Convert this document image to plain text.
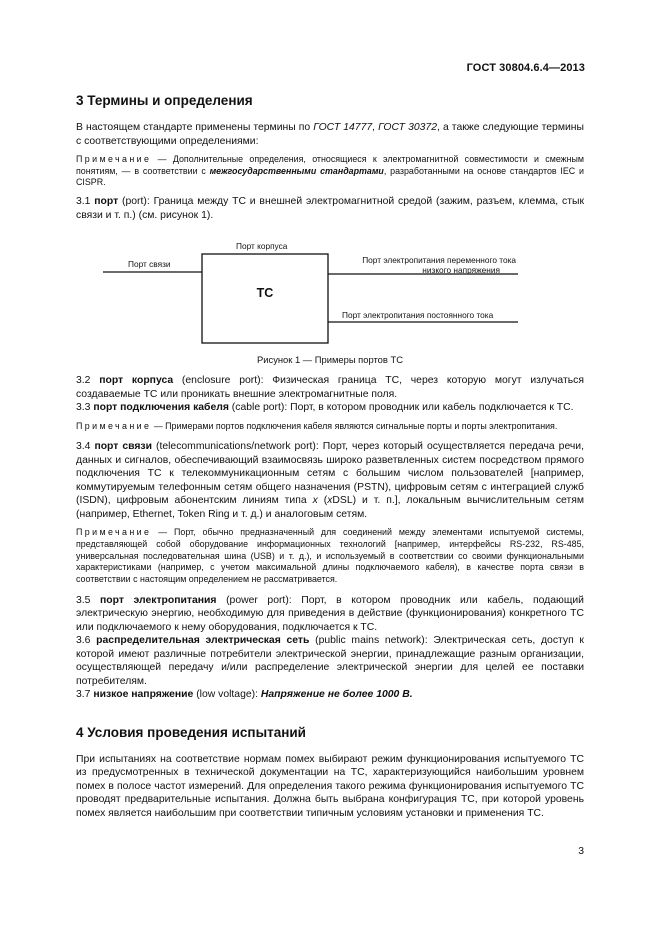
ГОСТ 30804.6.4—2013
3 Термины и определения

В настоящем стандарте применены термины по ГОСТ 14777, ГОСТ 30372, а также следующие термины с соответствующими определениями:

Примечание — Дополнительные определения, относящиеся к электромагнитной совместимости и смежным понятиям, — в соответствии с межгосударственными стандартами, разработанными на основе стандартов IEC и CISPR.

3.1 порт (port): Граница между ТС и внешней электромагнитной средой (зажим, разъем, клемма, стык связи и т. п.) (см. рисунок 1).

Порт корпуса
Порт связи	Порт электропитания переменного тока
низкого напряжения
Порт электропитания постоянного тока
ТС
Рисунок 1 — Примеры портов ТС

3.2 порт корпуса (enclosure port): Физическая граница ТС, через которую могут излучаться создаваемые ТС или проникать внешние электромагнитные поля.

3.3 порт подключения кабеля (cable port): Порт, в котором проводник или кабель подключается к ТС.

Примечание — Примерами портов подключения кабеля являются сигнальные порты и порты электропитания.

3.4 порт связи (telecommunications/network port): Порт, через который осуществляется передача речи, данных и сигналов, обеспечивающий взаимосвязь широко разветвленных систем посредством прямого подключения ТС к телекоммуникационным сетям с большим числом пользователей [например, коммутируемым телефонным сетям общего назначения (PSTN), цифровым сетям с интеграцией служб (ISDN), цифровым абонентским линиям типа x (xDSL) и т. п.], локальным вычислительным сетям (например, Ethernet, Token Ring и т. д.) и аналоговым сетям.

Примечание — Порт, обычно предназначенный для соединений между элементами испытуемой системы, представляющей собой оборудование информационных технологий [например, интерфейсы RS-232, RS-485, универсальная последовательная шина (USB) и т. д.), и используемый в соответствии со своими функциональными характеристиками (например, с учетом максимальной длины подключаемого кабеля), в качестве порта связи в соответствии с настоящим определением не рассматривается.

3.5 порт электропитания (power port): Порт, в котором проводник или кабель, подающий электрическую энергию, необходимую для приведения в действие (функционирования) конкретного ТС или подключаемого к нему оборудования, подключается к ТС.

3.6 распределительная электрическая сеть (public mains network): Электрическая сеть, доступ к которой имеют различные потребители электрической энергии, принадлежащие разным организации, осуществляющей передачу и/или распределение электрической энергии для целей ее поставки потребителям.

3.7 низкое напряжение (low voltage): Напряжение не более 1000 В.

4 Условия проведения испытаний

При испытаниях на соответствие нормам помех выбирают режим функционирования испытуемого ТС из предусмотренных в технической документации на ТС, характеризующийся наибольшим уровнем помех в полосе частот измерений. Для определения такого режима функционирования испытуемого ТС проводят предварительные испытания. Должна быть выбрана конфигурация ТС, при которой уровень помех является наибольшим при соответствии типичным условиям установки и применения ТС.

3
